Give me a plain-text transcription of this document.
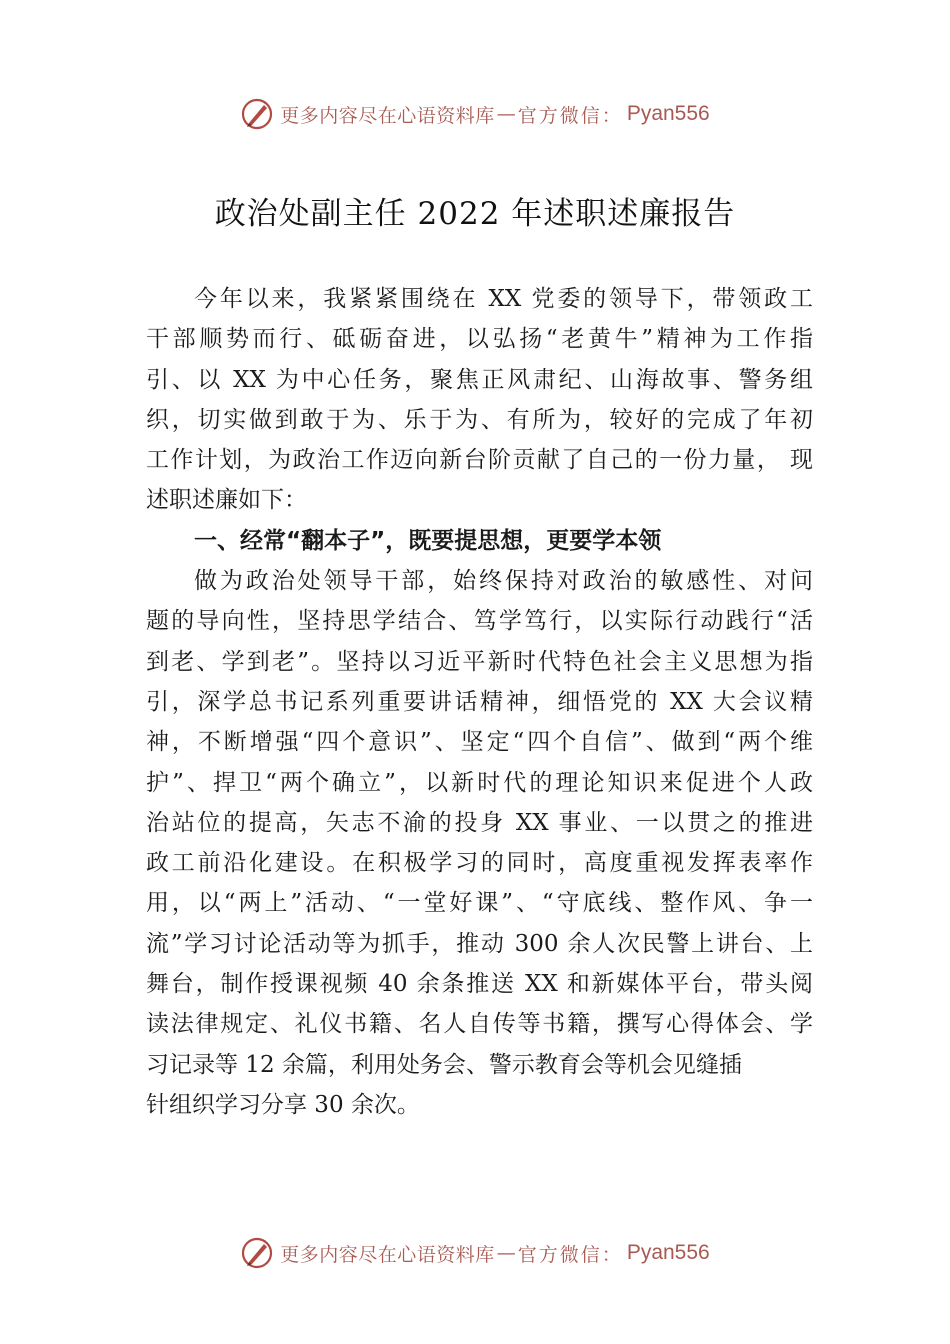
更多内容尽在心语资料库 — 官方微信 ： Pyan556
政治处副主任 2022 年述职述廉报告
今年以来，我紧紧围绕在 XX 党委的领导下，带领政工
干部顺势而行、砥砺奋进，以弘扬“老黄牛”精神为工作指
引、以 XX 为中心任务，聚焦正风肃纪、山海故事、警务组
织，切实做到敢于为、乐于为、有所为，较好的完成了年初
工作计划，为政治工作迈向新台阶贡献了自己的一份力量， 现
述职述廉如下：
一、经常“翻本子”，既要提思想，更要学本领
做为政治处领导干部，始终保持对政治的敏感性、对问
题的导向性，坚持思学结合、笃学笃行，以实际行动践行“活
到老、学到老”。坚持以习近平新时代特色社会主义思想为指
引，深学总书记系列重要讲话精神，细悟党的 XX 大会议精
神，不断增强“四个意识”、坚定“四个自信”、做到“两个维
护”、捍卫“两个确立”，以新时代的理论知识来促进个人政
治站位的提高，矢志不渝的投身 XX 事业、一以贯之的推进
政工前沿化建设。在积极学习的同时，高度重视发挥表率作
用，以“两上”活动、“一堂好课”、“守底线、整作风、争一
流”学习讨论活动等为抓手，推动 300 余人次民警上讲台、上
舞台，制作授课视频 40 余条推送 XX 和新媒体平台，带头阅
读法律规定、礼仪书籍、名人自传等书籍，撰写心得体会、学
习记录等 12 余篇，利用处务会、警示教育会等机会见缝插
针组织学习分享 30 余次。
更多内容尽在心语资料库 — 官方微信 ： Pyan556
